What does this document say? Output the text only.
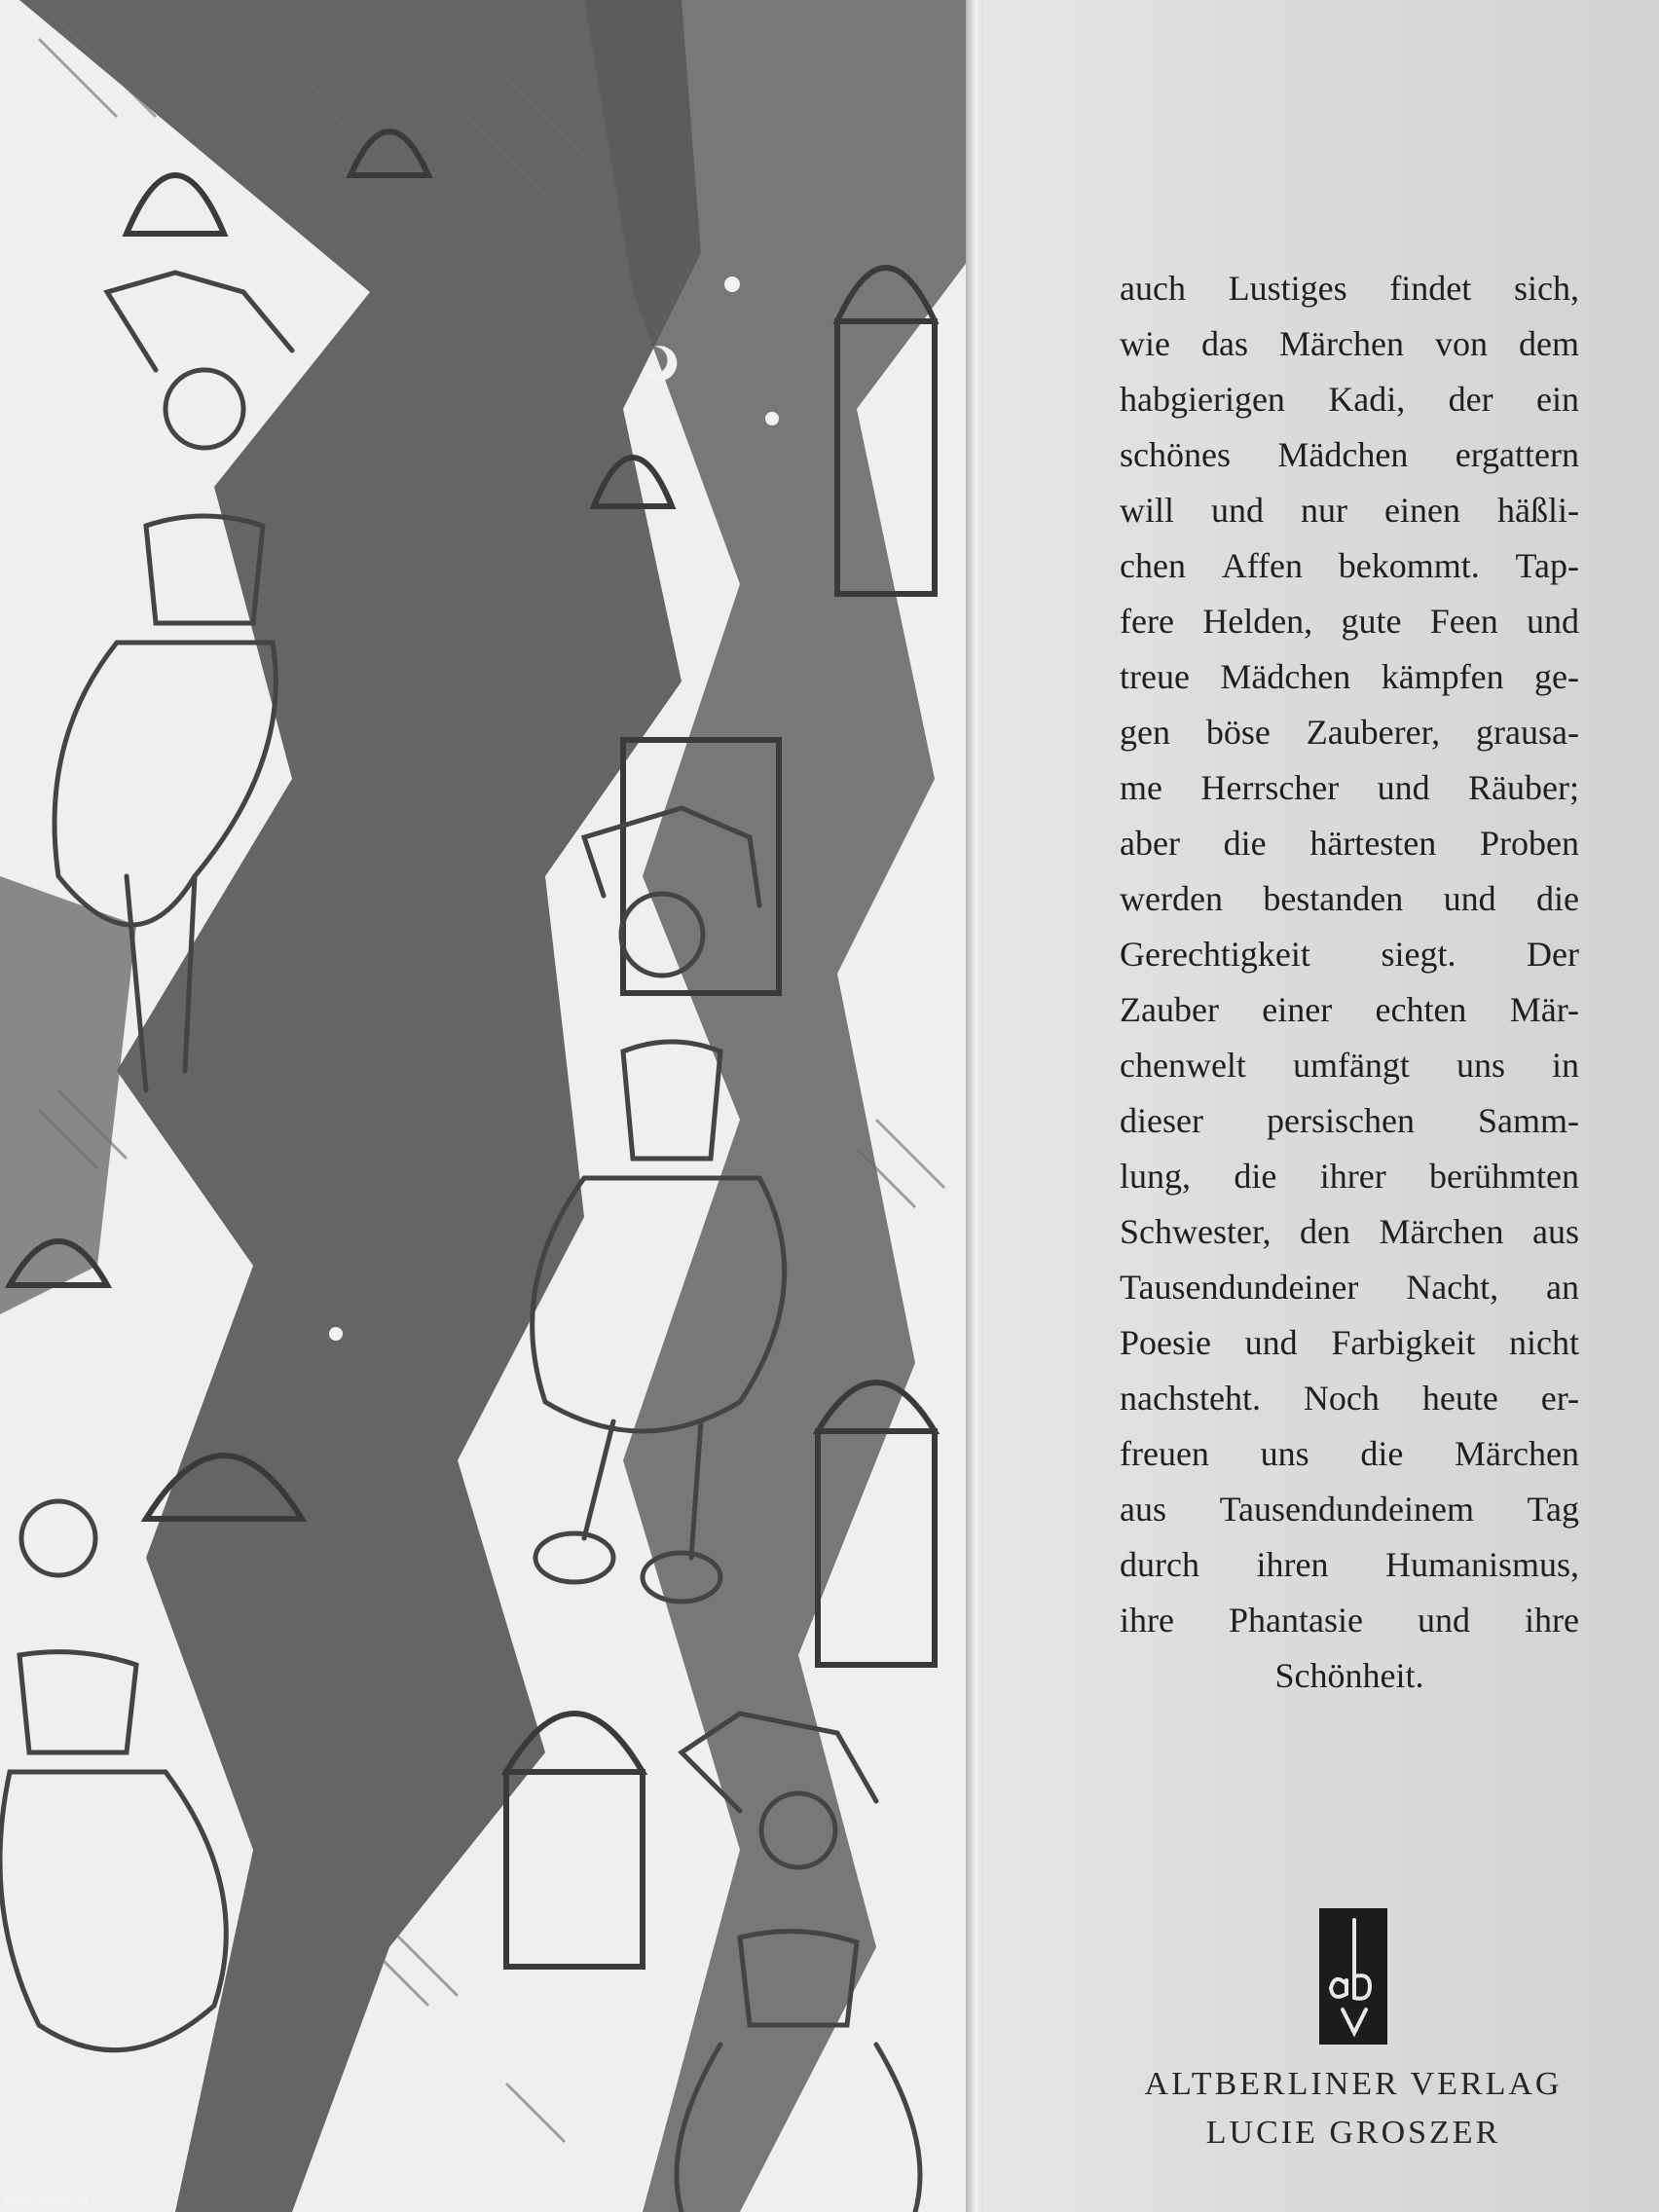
Antikvarium.hu
auch Lustiges findet sich,
wie das Märchen von dem
habgierigen Kadi, der ein
schönes Mädchen ergattern
will und nur einen häßli-
chen Affen bekommt. Tap-
fere Helden, gute Feen und
treue Mädchen kämpfen ge-
gen böse Zauberer, grausa-
me Herrscher und Räuber;
aber die härtesten Proben
werden bestanden und die
Gerechtigkeit siegt. Der
Zauber einer echten Mär-
chenwelt umfängt uns in
dieser persischen Samm-
lung, die ihrer berühmten
Schwester, den Märchen aus
Tausendundeiner Nacht, an
Poesie und Farbigkeit nicht
nachsteht. Noch heute er-
freuen uns die Märchen
aus Tausendundeinem Tag
durch ihren Humanismus,
ihre Phantasie und ihre
Schönheit.
abv
ALTBERLINER VERLAG
LUCIE GROSZER
